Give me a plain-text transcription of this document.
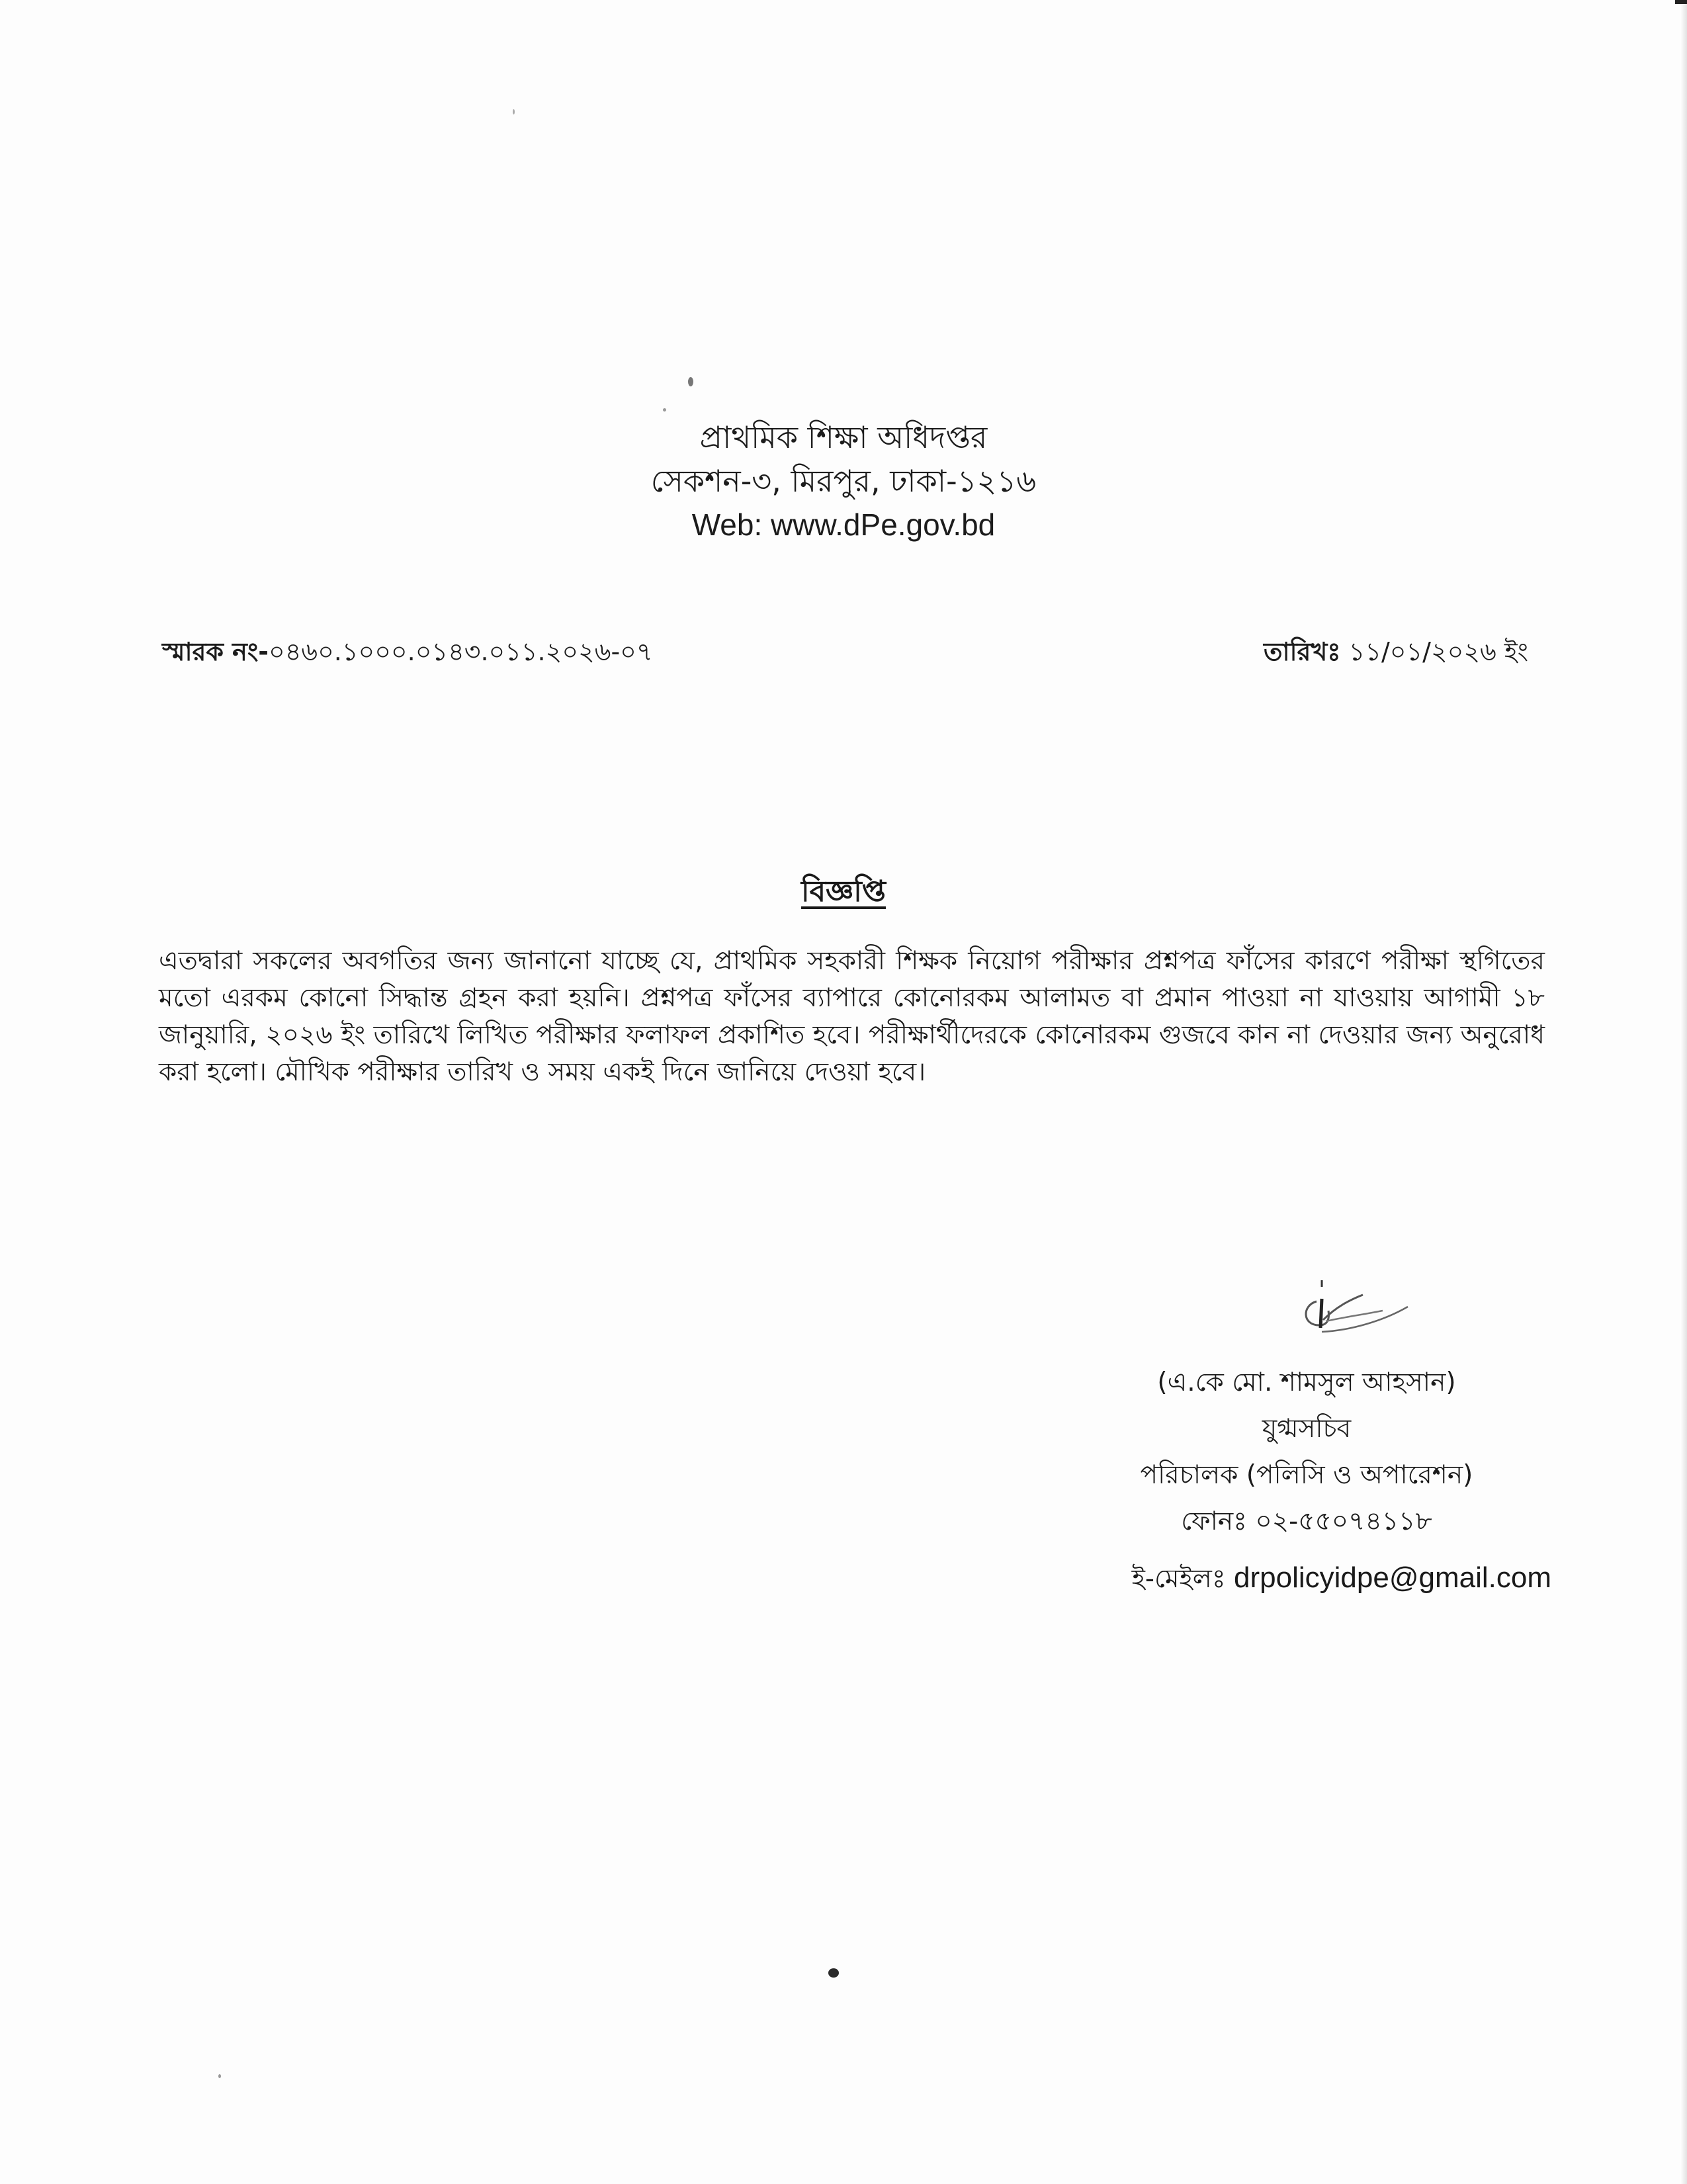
প্রাথমিক শিক্ষা অধিদপ্তর
সেকশন-৩, মিরপুর, ঢাকা-১২১৬
Web: www.dPe.gov.bd
স্মারক নং-০৪৬০.১০০০.০১৪৩.০১১.২০২৬-০৭	তারিখঃ ১১/০১/২০২৬ ইং
বিজ্ঞপ্তি

এতদ্বারা সকলের অবগতির জন্য জানানো যাচ্ছে যে, প্রাথমিক সহকারী শিক্ষক নিয়োগ পরীক্ষার প্রশ্নপত্র ফাঁসের কারণে পরীক্ষা স্থগিতের মতো এরকম কোনো সিদ্ধান্ত গ্রহন করা হয়নি। প্রশ্নপত্র ফাঁসের ব্যাপারে কোনোরকম আলামত বা প্রমান পাওয়া না যাওয়ায় আগামী ১৮ জানুয়ারি, ২০২৬ ইং তারিখে লিখিত পরীক্ষার ফলাফল প্রকাশিত হবে। পরীক্ষার্থীদেরকে কোনোরকম গুজবে কান না দেওয়ার জন্য অনুরোধ করা হলো। মৌখিক পরীক্ষার তারিখ ও সময় একই দিনে জানিয়ে দেওয়া হবে।

(এ.কে মো. শামসুল আহসান)
যুগ্মসচিব
পরিচালক (পলিসি ও অপারেশন)
ফোনঃ ০২-৫৫০৭৪১১৮
ই-মেইলঃ drpolicyidpe@gmail.com
